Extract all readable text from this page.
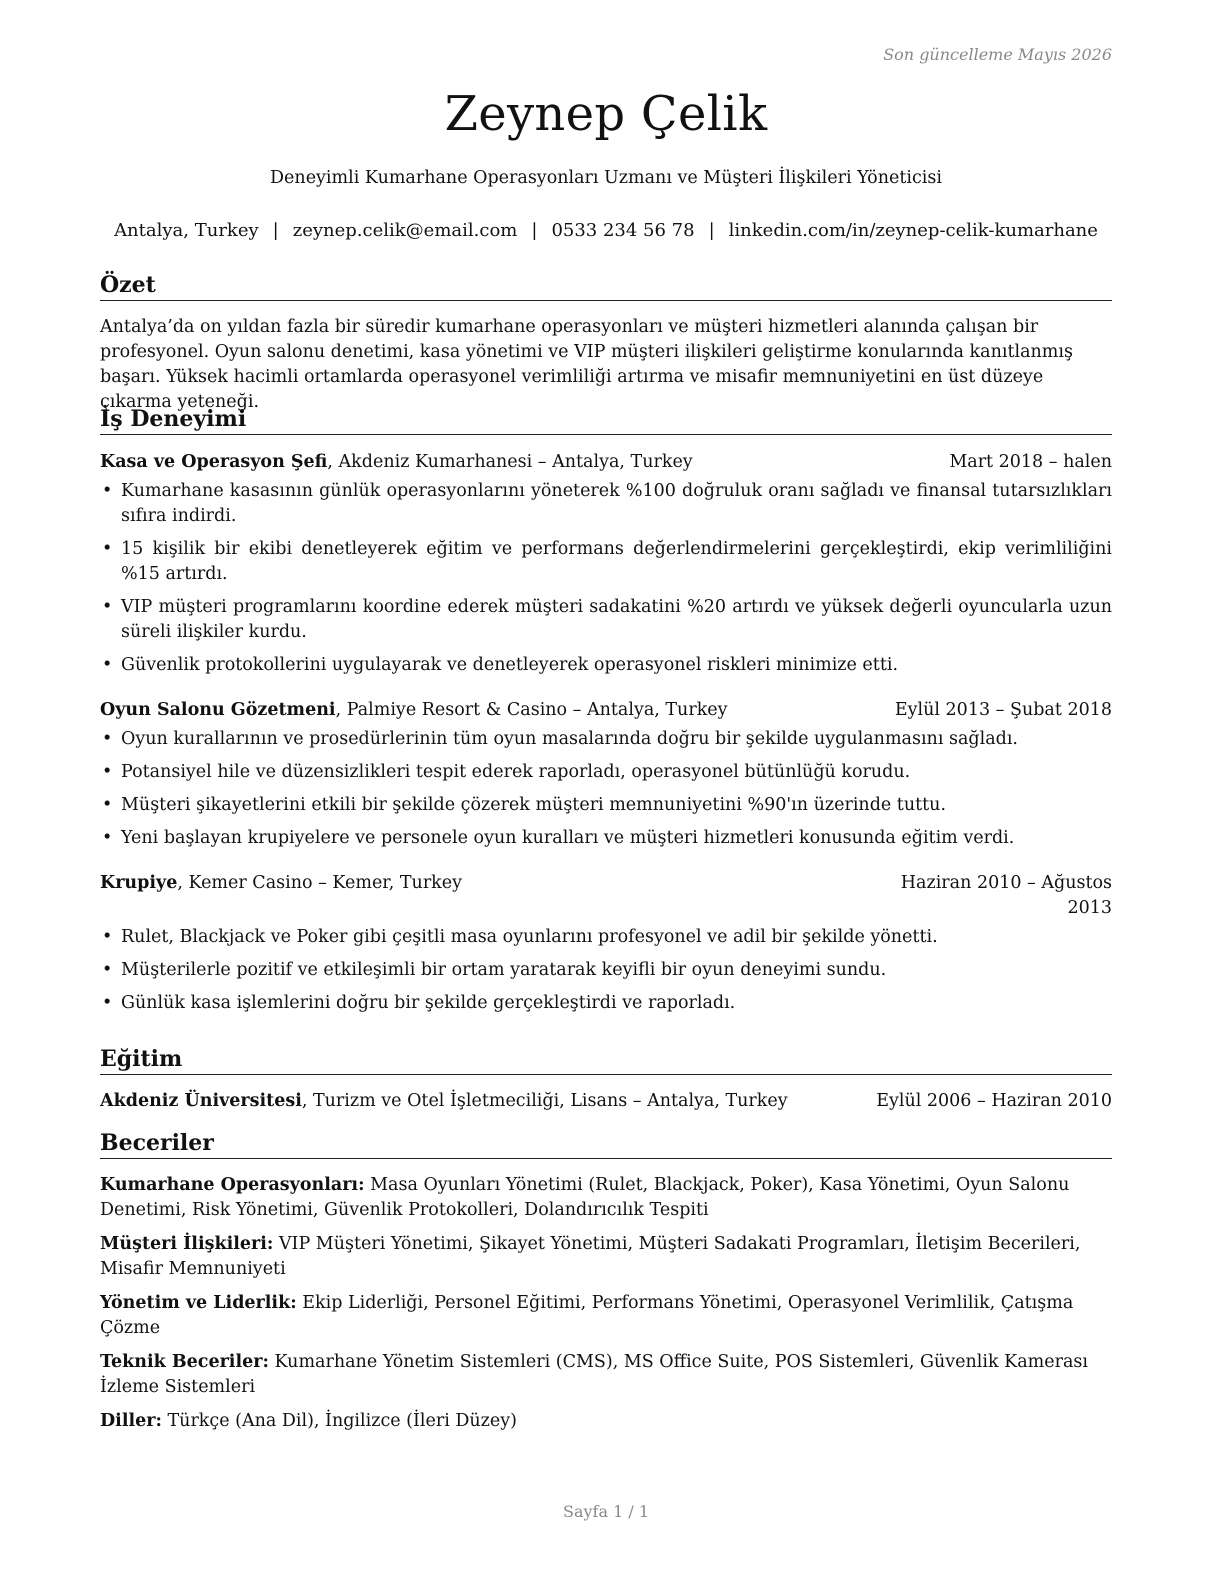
Son güncelleme Mayıs 2026
Zeynep Çelik
Deneyimli Kumarhane Operasyonları Uzmanı ve Müşteri İlişkileri Yöneticisi
Antalya, Turkey | zeynep.celik@email.com | 0533 234 56 78 | linkedin.com/in/zeynep-celik-kumarhane
Özet

Antalya’da on yıldan fazla bir süredir kumarhane operasyonları ve müşteri hizmetleri alanında çalışan bir profesyonel. Oyun salonu denetimi, kasa yönetimi ve VIP müşteri ilişkileri geliştirme konularında kanıtlanmış başarı. Yüksek hacimli ortamlarda operasyonel verimliliği artırma ve misafir memnuniyetini en üst düzeye çıkarma yeteneği.

İş Deneyimi
Kasa ve Operasyon Şefi, Akdeniz Kumarhanesi – Antalya, Turkey	Mart 2018 – halen
• Kumarhane kasasının günlük operasyonlarını yöneterek %100 doğruluk oranı sağladı ve finansal tutarsızlıkları sıfıra indirdi.
• 15 kişilik bir ekibi denetleyerek eğitim ve performans değerlendirmelerini gerçekleştirdi, ekip verimliliğini %15 artırdı.
• VIP müşteri programlarını koordine ederek müşteri sadakatini %20 artırdı ve yüksek değerli oyuncularla uzun süreli ilişkiler kurdu.
• Güvenlik protokollerini uygulayarak ve denetleyerek operasyonel riskleri minimize etti.
Oyun Salonu Gözetmeni, Palmiye Resort & Casino – Antalya, Turkey	Eylül 2013 – Şubat 2018
• Oyun kurallarının ve prosedürlerinin tüm oyun masalarında doğru bir şekilde uygulanmasını sağladı.
• Potansiyel hile ve düzensizlikleri tespit ederek raporladı, operasyonel bütünlüğü korudu.
• Müşteri şikayetlerini etkili bir şekilde çözerek müşteri memnuniyetini %90'ın üzerinde tuttu.
• Yeni başlayan krupiyelere ve personele oyun kuralları ve müşteri hizmetleri konusunda eğitim verdi.
Krupiye, Kemer Casino – Kemer, Turkey	Haziran 2010 – Ağustos 2013
• Rulet, Blackjack ve Poker gibi çeşitli masa oyunlarını profesyonel ve adil bir şekilde yönetti.
• Müşterilerle pozitif ve etkileşimli bir ortam yaratarak keyifli bir oyun deneyimi sundu.
• Günlük kasa işlemlerini doğru bir şekilde gerçekleştirdi ve raporladı.
Eğitim
Akdeniz Üniversitesi, Turizm ve Otel İşletmeciliği, Lisans – Antalya, Turkey	Eylül 2006 – Haziran 2010
Beceriler

Kumarhane Operasyonları: Masa Oyunları Yönetimi (Rulet, Blackjack, Poker), Kasa Yönetimi, Oyun Salonu Denetimi, Risk Yönetimi, Güvenlik Protokolleri, Dolandırıcılık Tespiti

Müşteri İlişkileri: VIP Müşteri Yönetimi, Şikayet Yönetimi, Müşteri Sadakati Programları, İletişim Becerileri, Misafir Memnuniyeti

Yönetim ve Liderlik: Ekip Liderliği, Personel Eğitimi, Performans Yönetimi, Operasyonel Verimlilik, Çatışma Çözme

Teknik Beceriler: Kumarhane Yönetim Sistemleri (CMS), MS Office Suite, POS Sistemleri, Güvenlik Kamerası İzleme Sistemleri

Diller: Türkçe (Ana Dil), İngilizce (İleri Düzey)

Sayfa 1 / 1
